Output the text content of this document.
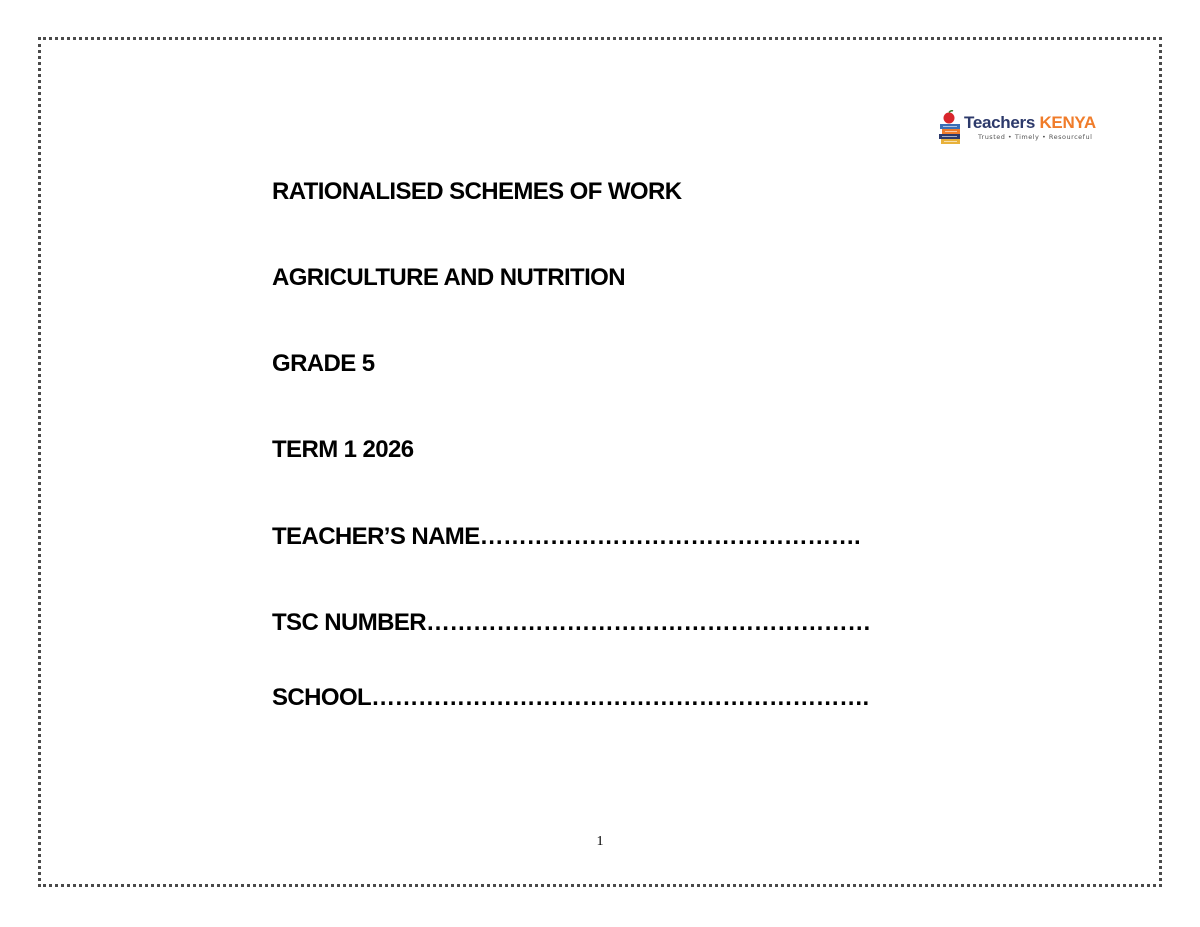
Teachers KENYA
Trusted • Timely • Resourceful
RATIONALISED SCHEMES OF WORK
AGRICULTURE AND NUTRITION
GRADE 5
TERM 1 2026
TEACHER’S NAME………………………………………….
TSC NUMBER…………………………………………………
SCHOOL……………………………………………………….
1
